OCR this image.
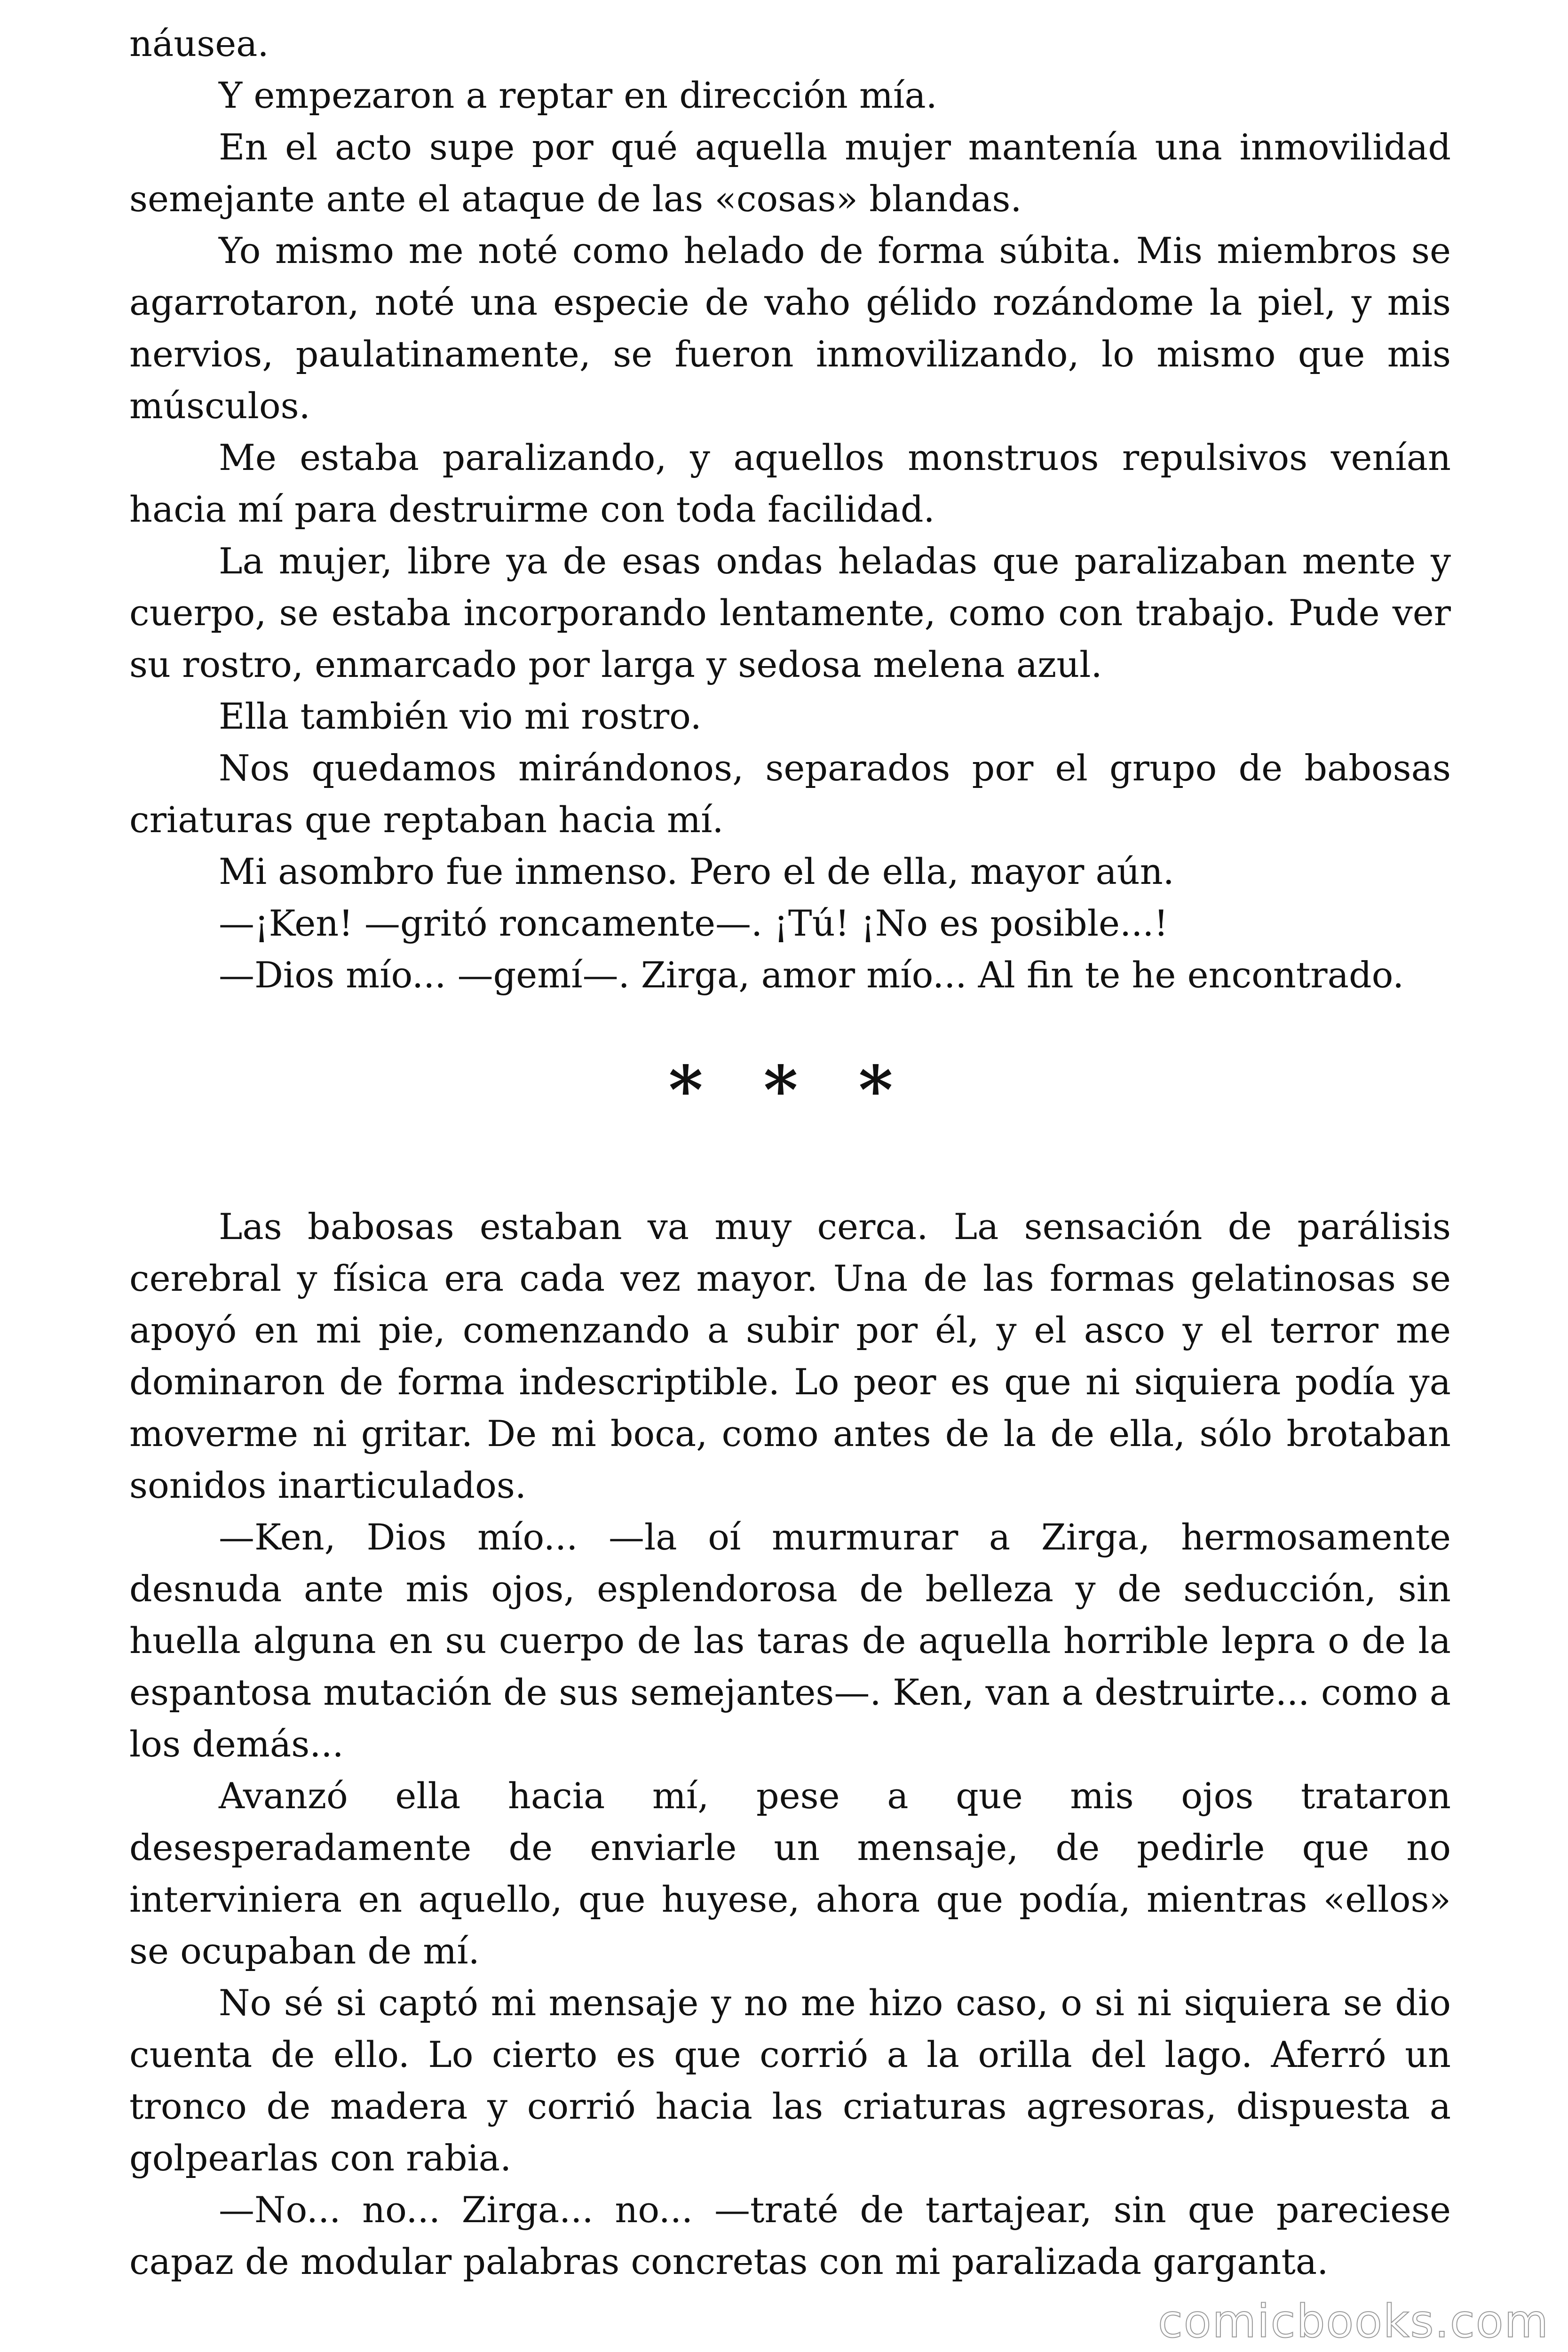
náusea.

Y empezaron a reptar en dirección mía.

En el acto supe por qué aquella mujer mantenía una inmovilidad semejante ante el ataque de las «cosas» blandas.

Yo mismo me noté como helado de forma súbita. Mis miembros se agarrotaron, noté una especie de vaho gélido rozándome la piel, y mis nervios, paulatinamente, se fueron inmovilizando, lo mismo que mis músculos.

Me estaba paralizando, y aquellos monstruos repulsivos venían hacia mí para destruirme con toda facilidad.

La mujer, libre ya de esas ondas heladas que paralizaban mente y cuerpo, se estaba incorporando lentamente, como con trabajo. Pude ver su rostro, enmarcado por larga y sedosa melena azul.

Ella también vio mi rostro.

Nos quedamos mirándonos, separados por el grupo de babosas criaturas que reptaban hacia mí.

Mi asombro fue inmenso. Pero el de ella, mayor aún.

—¡Ken! —gritó roncamente—. ¡Tú! ¡No es posible...!

—Dios mío... —gemí—. Zirga, amor mío... Al fin te he encontrado.

* * *

Las babosas estaban va muy cerca. La sensación de parálisis cerebral y física era cada vez mayor. Una de las formas gelatinosas se apoyó en mi pie, comenzando a subir por él, y el asco y el terror me dominaron de forma indescriptible. Lo peor es que ni siquiera podía ya moverme ni gritar. De mi boca, como antes de la de ella, sólo brotaban sonidos inarticulados.

—Ken, Dios mío... —la oí murmurar a Zirga, hermosamente desnuda ante mis ojos, esplendorosa de belleza y de seducción, sin huella alguna en su cuerpo de las taras de aquella horrible lepra o de la espantosa mutación de sus semejantes—. Ken, van a destruirte... como a los demás...

Avanzó ella hacia mí, pese a que mis ojos trataron desesperadamente de enviarle un mensaje, de pedirle que no interviniera en aquello, que huyese, ahora que podía, mientras «ellos» se ocupaban de mí.

No sé si captó mi mensaje y no me hizo caso, o si ni siquiera se dio cuenta de ello. Lo cierto es que corrió a la orilla del lago. Aferró un tronco de madera y corrió hacia las criaturas agresoras, dispuesta a golpearlas con rabia.

—No... no... Zirga... no... —traté de tartajear, sin que pareciese capaz de modular palabras concretas con mi paralizada garganta.

comicbooks.com
